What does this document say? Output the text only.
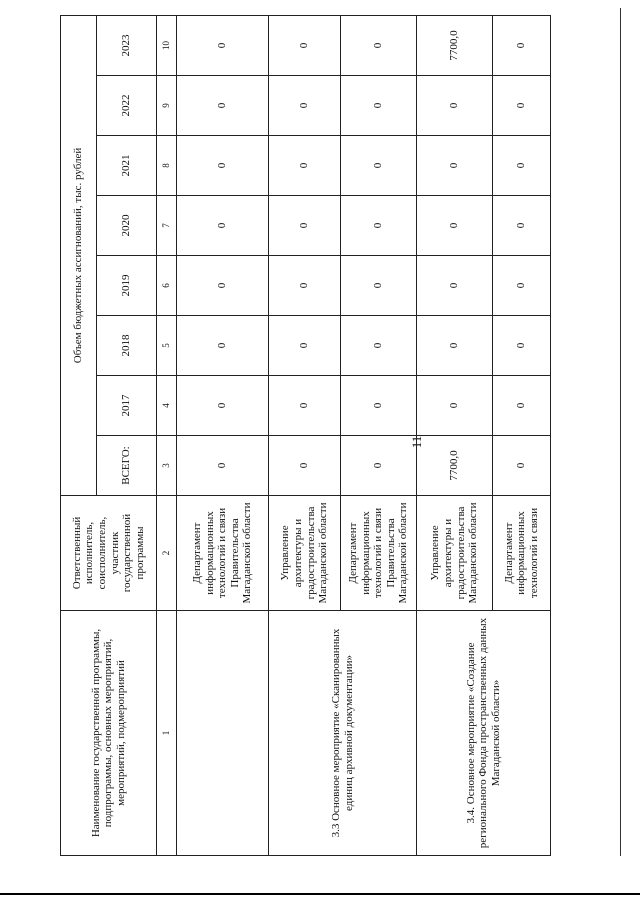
11
Наименование государственной программы, подпрограммы, основных мероприятий, мероприятий, подмероприятий	Ответственный исполнитель, соисполнитель, участник государственной программы	Объем бюджетных ассигнований, тыс. рублей							
		ВСЕГО:	2017	2018	2019	2020	2021	2022	2023
1	2	3	4	5	6	7	8	9	10
	Департамент информационных технологий и связи Правительства Магаданской области	0	0	0	0	0	0	0	0
3.3 Основное мероприятие «Сканированных единиц архивной документации»	Управление архитектуры и градостроительства Магаданской области	0	0	0	0	0	0	0	0
	Департамент информационных технологий и связи Правительства Магаданской области	0	0	0	0	0	0	0	0
3.4. Основное мероприятие «Создание регионального Фонда пространственных данных Магаданской области»	Управление архитектуры и градостроительства Магаданской области	7700,0	0	0	0	0	0	0	7700,0
	Департамент информационных технологий и связи	0	0	0	0	0	0	0	0
